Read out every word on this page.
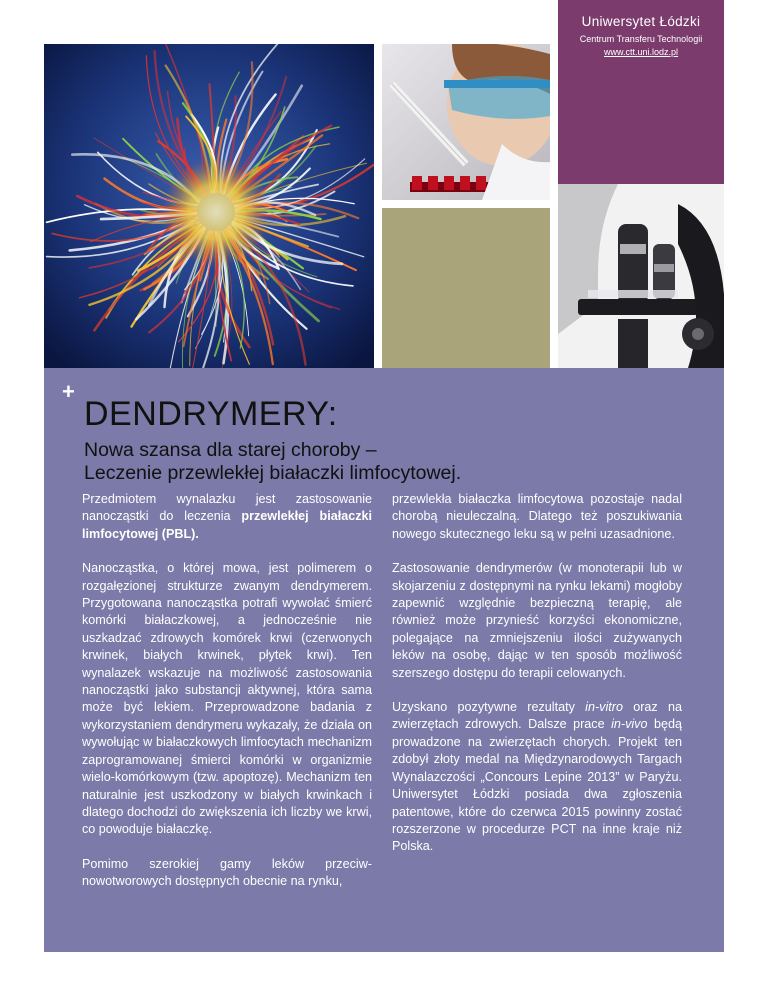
Uniwersytet Łódzki
Centrum Transferu Technologii
www.ctt.uni.lodz.pl
+
DENDRYMERY:
Nowa szansa dla starej choroby –
Leczenie przewlekłej białaczki limfocytowej.

Przedmiotem wynalazku jest zastosowanie nanocząstki do leczenia przewlekłej białaczki limfocytowej (PBL).

Nanocząstka, o której mowa, jest polimerem o rozgałęzionej strukturze zwanym dendrymerem. Przygotowana nanocząstka potrafi wywołać śmierć komórki białaczkowej, a jednocześnie nie uszkadzać zdrowych komórek krwi (czerwonych krwinek, białych krwinek, płytek krwi). Ten wynalazek wskazuje na możliwość zastosowania nanocząstki jako substancji aktywnej, która sama może być lekiem. Przeprowadzone badania z wykorzystaniem dendrymeru wykazały, że działa on wywołując w białaczkowych limfocytach mechanizm zaprogramowanej śmierci komórki w organizmie wielo-komórkowym (tzw. apoptozę). Mechanizm ten naturalnie jest uszkodzony w białych krwinkach i dlatego dochodzi do zwiększenia ich liczby we krwi, co powoduje białaczkę.

Pomimo szerokiej gamy leków przeciw-nowotworowych dostępnych obecnie na rynku,

przewlekła białaczka limfocytowa pozostaje nadal chorobą nieuleczalną. Dlatego też poszukiwania nowego skutecznego leku są w pełni uzasadnione.

Zastosowanie dendrymerów (w monoterapii lub w skojarzeniu z dostępnymi na rynku lekami) mogłoby zapewnić względnie bezpieczną terapię, ale również może przynieść korzyści ekonomiczne, polegające na zmniejszeniu ilości zużywanych leków na osobę, dając w ten sposób możliwość szerszego dostępu do terapii celowanych.

Uzyskano pozytywne rezultaty in-vitro oraz na zwierzętach zdrowych. Dalsze prace in-vivo będą prowadzone na zwierzętach chorych. Projekt ten zdobył złoty medal na Międzynarodowych Targach Wynalazczości „Concours Lepine 2013” w Paryżu. Uniwersytet Łódzki posiada dwa zgłoszenia patentowe, które do czerwca 2015 powinny zostać rozszerzone w procedurze PCT na inne kraje niż Polska.
